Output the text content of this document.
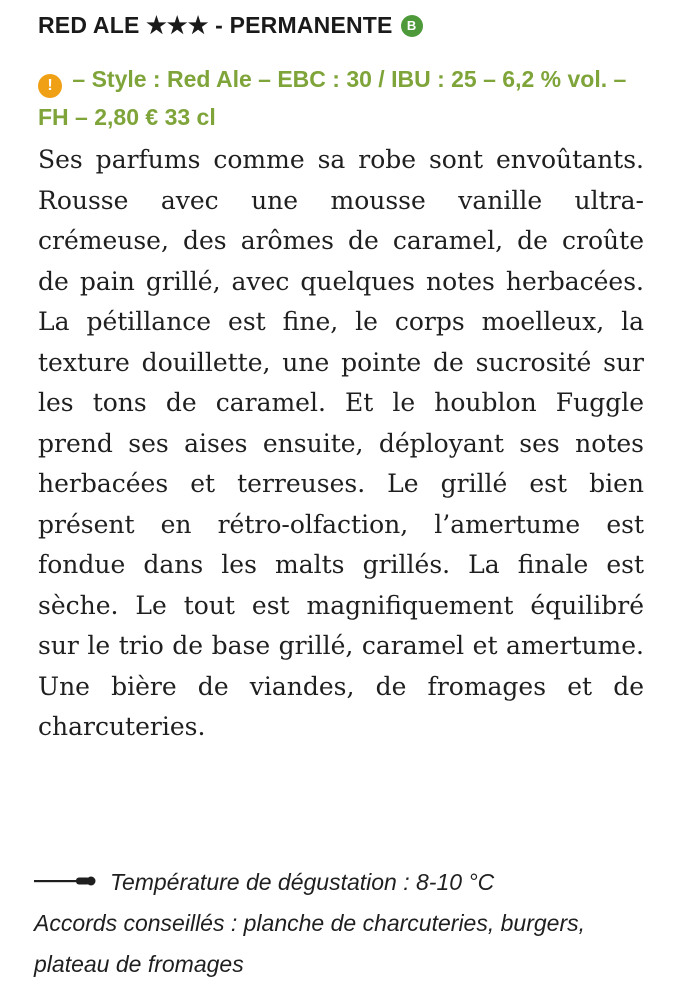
RED ALE ★★★ - PERMANENTE	B
! – Style : Red Ale – EBC : 30 / IBU : 25 – 6,2 % vol. – FH – 2,80 € 33 cl

Ses parfums comme sa robe sont envoûtants. Rousse avec une mousse vanille ultra-crémeuse, des arômes de caramel, de croûte de pain grillé, avec quelques notes herbacées. La pétillance est fine, le corps moelleux, la texture douillette, une pointe de sucrosité sur les tons de caramel. Et le houblon Fuggle prend ses aises ensuite, déployant ses notes herbacées et terreuses. Le grillé est bien présent en rétro-olfaction, l’amertume est fondue dans les malts grillés. La finale est sèche. Le tout est magnifiquement équilibré sur le trio de base grillé, caramel et amertume. Une bière de viandes, de fromages et de charcuteries.

Température de dégustation : 8-10 °C
Accords conseillés : planche de charcuteries, burgers,
plateau de fromages
